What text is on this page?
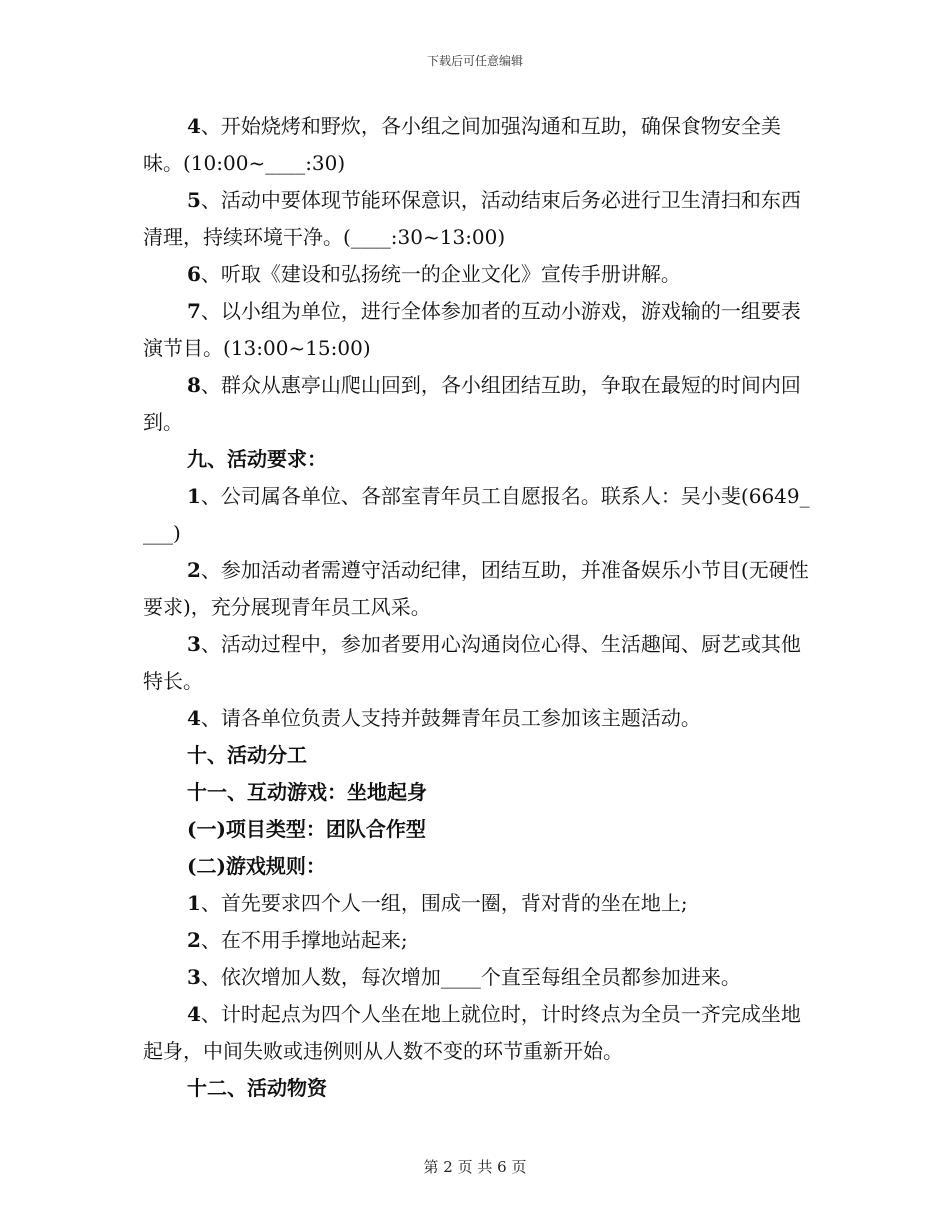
下载后可任意编辑

4、开始烧烤和野炊，各小组之间加强沟通和互助，确保食物安全美味。(10:00~____:30)

5、活动中要体现节能环保意识，活动结束后务必进行卫生清扫和东西清理，持续环境干净。(____:30~13:00)

6、听取《建设和弘扬统一的企业文化》宣传手册讲解。

7、以小组为单位，进行全体参加者的互动小游戏，游戏输的一组要表演节目。(13:00~15:00)

8、群众从惠亭山爬山回到，各小组团结互助，争取在最短的时间内回到。

九、活动要求：

1、公司属各单位、各部室青年员工自愿报名。联系人：吴小斐(6649____)

2、参加活动者需遵守活动纪律，团结互助，并准备娱乐小节目(无硬性要求)，充分展现青年员工风采。

3、活动过程中，参加者要用心沟通岗位心得、生活趣闻、厨艺或其他特长。

4、请各单位负责人支持并鼓舞青年员工参加该主题活动。

十、活动分工

十一、互动游戏：坐地起身

(一)项目类型：团队合作型

(二)游戏规则：

1、首先要求四个人一组，围成一圈，背对背的坐在地上;

2、在不用手撑地站起来;

3、依次增加人数，每次增加____个直至每组全员都参加进来。

4、计时起点为四个人坐在地上就位时，计时终点为全员一齐完成坐地起身，中间失败或违例则从人数不变的环节重新开始。

十二、活动物资

第 2 页 共 6 页
